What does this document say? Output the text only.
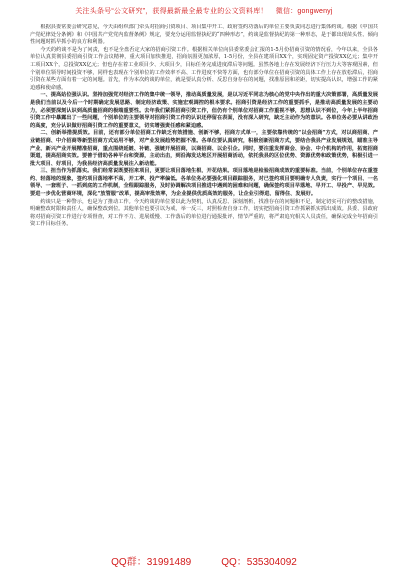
关注头条号“公文研究”，获得最新最全最专业的公文资料库！ 微信：gongwenyj

根据县委常委会研究意见，今天由组织部门牵头对招商引资项目、项目集中开工、政府签约功落后的单位主要负责同志进行集体约谈。根据《中国共产党纪律处分条例》和《中国共产党党内监督条例》规定，要充分运用监督执纪的“四种形态”，约谈是监督执纪的第一种形态，是于都出现苗头性、倾向性问题时抓早抓小的良方和利器。

今天的约谈不是为了问责，也不是全盘否定大家的招商引资工作。根据相关单位向县委常委会汇报的1-5月份招商引资的情况看，今年以来，全县各单位认真贯彻县委招商引资工作会议精神，重大项目加快推进，招商氛围更加浓厚，1-5月份，全县在建项目XX个，实现固定资产投资XX亿元；集中开工项目XX个，总投资XX亿元；但也存在着工业项目少、大项目少，目标任务完成进度滞后等问题。虽然各地上存在发展经济下行压力大等客观因素，但个别单位领导时间投资不够，同样也表现在个别单位的工作效率不高、工作进度不快等方面，也有部分单位在招商引资的具体工作上存在放松滞后，招商引资在某些方面有着一定的问题。首先，作为本次约谈的单位，就是要认真分析、反思自身存在的问题，找准原因和差距，切实提高认识，增强工作的紧迫感和使命感。

一、提高站位强认识。坚持加强党对经济工作的集中统一领导，推动高质量发展，是以习近平同志为核心的党中央作出的重大决策部署，高质量发展是我们当前以及今后一个时期确定发展思路、制定经济政策、实施宏观调控的根本要求。招商引资是经济工作的重要抓手，是推动高质量发展的主要动力，必须要深刻认识到高质量招商的极端重要性。去年我们紧抓招商引资工作，但仍有个别单位对招商工作重视不够，思想认识不到位，今年上半年招商引资工作中暴露出了一些问题，个别单位的主要领导对招商引资工作的认识还停留在表面，没有深入研究，缺乏主动作为的意识。各单位务必要从讲政治的高度，充分认识做好招商引资工作的重要意义，切实增强责任感和紧迫感。

二、创新举措提质效。目前，还有部分单位招商工作缺乏有效措施、创新不够，招商方式单一，主要依靠传统的“以会招商”方式，对以商招商、产业链招商、中介招商等新型招商方式运用不够，对产业发展趋势把握不准。各单位要认真研究，积极创新招商方式，要结合我县产业发展规划，瞄准主导产业、新兴产业开展精准招商，重点围绕延链、补链、强链开展招商，以商招商、以企引企。同时，要注重发挥商会、协会、中介机构的作用，拓宽招商渠道，提高招商实效。要善于借助各种平台和资源，主动出击，到沿海发达地区开展招商活动，依托我县的区位优势、资源优势和政策优势，积极引进一批大项目、好项目，为我县经济高质量发展注入新动能。

三、担当作为抓落实。我们经常说既要招来项目，更要让项目落地生根、开花结果。项目落地是检验招商成效的重要标准。当前，个别单位存在重签约、轻落地的现象，签约项目落地率不高，开工率、投产率偏低。各单位务必要强化项目跟踪服务，对已签约项目要明确专人负责，实行一个项目、一名领导、一套班子、一抓到底的工作机制，全程跟踪服务，及时协调解决项目推进中遇到的困难和问题，确保签约项目早落地、早开工、早投产、早见效。要进一步优化营商环境，深化“放管服”改革，提高审批效率，为企业提供优质高效的服务，让企业引得进、留得住、发展好。

约谈只是一种警示，也是为了推动工作。今天约谈的单位要以此为契机，认真反思、深刻剖析，找准存在的问题和不足，制定切实可行的整改措施，明确整改时限和责任人，确保整改到位。其他单位也要引以为戒，举一反三，对照检查自身工作，切实把招商引资工作抓紧抓实抓出成效。县委、县政府将对招商引资工作进行专项督查，对工作不力、进展缓慢、工作落后的单位进行通报批评，情节严重的，将严肃追究相关人员责任，确保完成全年招商引资工作目标任务。

QQ群：31991489	QQ：535304092
